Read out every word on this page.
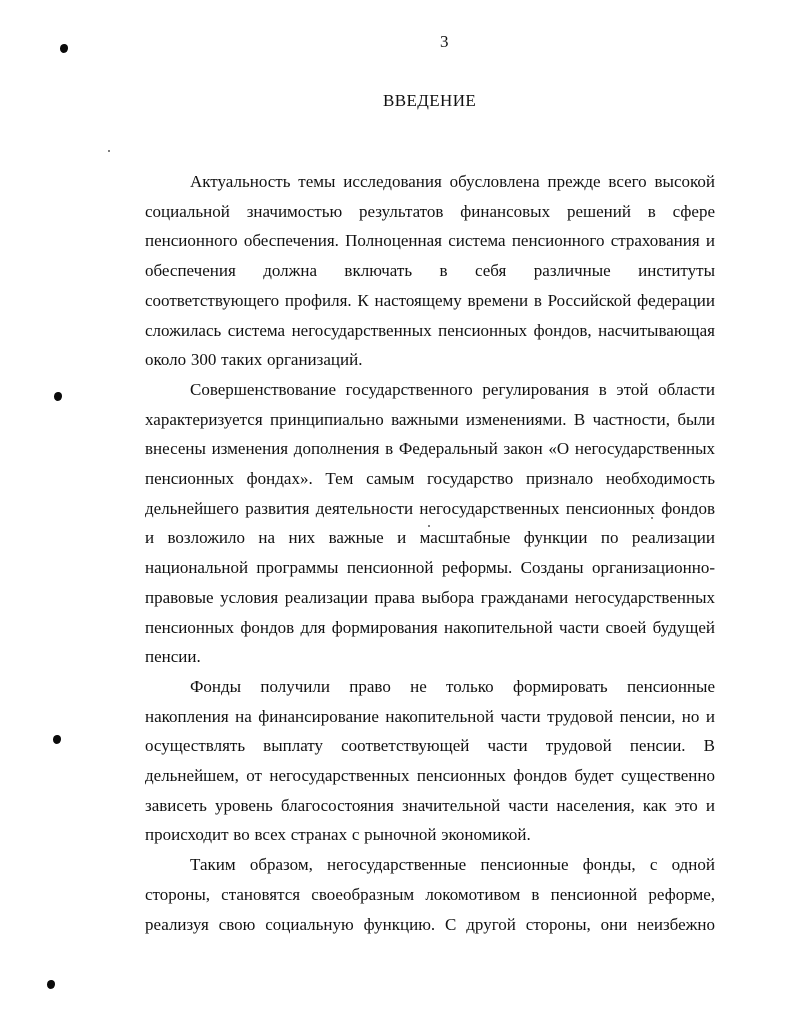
3
ВВЕДЕНИЕ

Актуальность темы исследования обусловлена прежде всего высокой социальной значимостью результатов финансовых решений в сфере пенсионного обеспечения. Полноценная система пенсионного страхования и обеспечения должна включать в себя различные институты соответствующего профиля. К настоящему времени в Российской федерации сложилась система негосударственных пенсионных фондов, насчитывающая около 300 таких организаций.

Совершенствование государственного регулирования в этой области характеризуется принципиально важными изменениями. В частности, были внесены изменения дополнения в Федеральный закон «О негосударственных пенсионных фондах». Тем самым государство признало необходимость дельнейшего развития деятельности негосударственных пенсионных фондов и возложило на них важные и масштабные функции по реализации национальной программы пенсионной реформы. Созданы организационно-правовые условия реализации права выбора гражданами негосударственных пенсионных фондов для формирования накопительной части своей будущей пенсии.

Фонды получили право не только формировать пенсионные накопления на финансирование накопительной части трудовой пенсии, но и осуществлять выплату соответствующей части трудовой пенсии. В дельнейшем, от негосударственных пенсионных фондов будет существенно зависеть уровень благосостояния значительной части населения, как это и происходит во всех странах с рыночной экономикой.

Таким образом, негосударственные пенсионные фонды, с одной стороны, становятся своеобразным локомотивом в пенсионной реформе, реализуя свою социальную функцию. С другой стороны, они неизбежно
